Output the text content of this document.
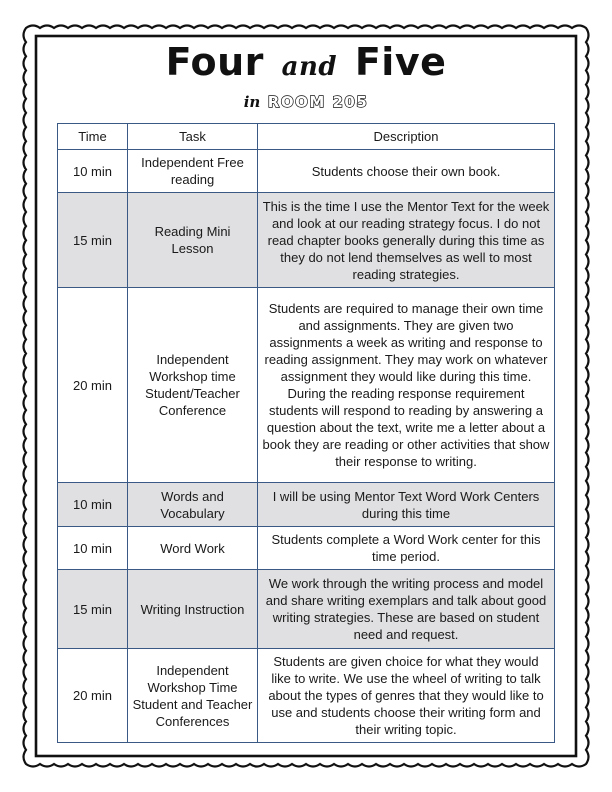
Four and Five
in ROOM 205
Time	Task	Description
10 min	Independent Free reading	Students choose their own book.
15 min	Reading Mini Lesson	This is the time I use the Mentor Text for the week and look at our reading strategy focus. I do not read chapter books generally during this time as they do not lend themselves as well to most reading strategies.
20 min	Independent Workshop time Student/Teacher Conference	Students are required to manage their own time and assignments. They are given two assignments a week as writing and response to reading assignment. They may work on whatever assignment they would like during this time. During the reading response requirement students will respond to reading by answering a question about the text, write me a letter about a book they are reading or other activities that show their response to writing.
10 min	Words and Vocabulary	I will be using Mentor Text Word Work Centers during this time
10 min	Word Work	Students complete a Word Work center for this time period.
15 min	Writing Instruction	We work through the writing process and model and share writing exemplars and talk about good writing strategies. These are based on student need and request.
20 min	Independent Workshop Time Student and Teacher Conferences	Students are given choice for what they would like to write. We use the wheel of writing to talk about the types of genres that they would like to use and students choose their writing form and their writing topic.
